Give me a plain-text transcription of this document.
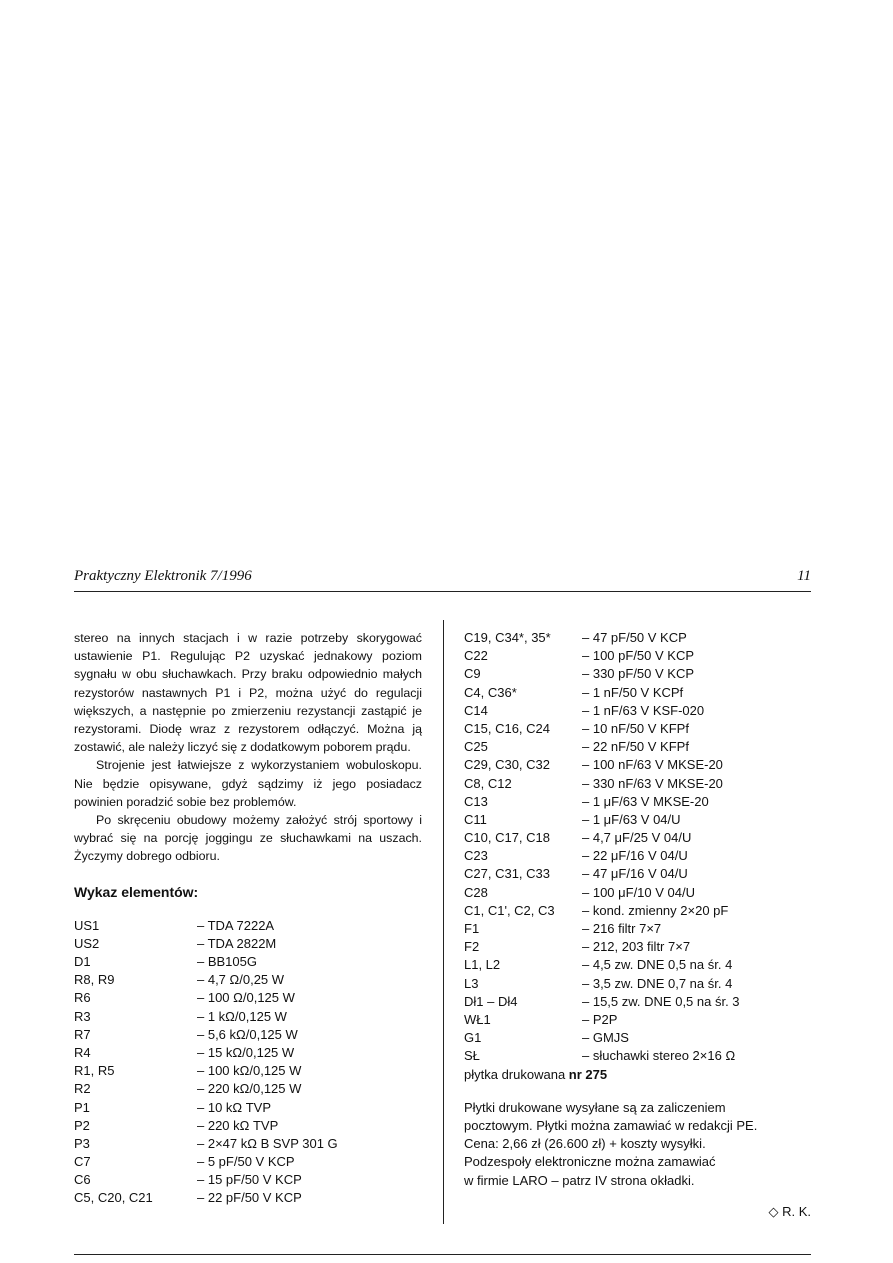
Praktyczny Elektronik 7/1996	11

stereo na innych stacjach i w razie potrzeby skorygować ustawienie P1. Regulując P2 uzyskać jednakowy poziom sygnału w obu słuchawkach. Przy braku odpowiednio małych rezystorów nastawnych P1 i P2, można użyć do regulacji większych, a następnie po zmierzeniu rezystancji zastąpić je rezystorami. Diodę wraz z rezystorem odłączyć. Można ją zostawić, ale należy liczyć się z dodatkowym poborem prądu.

Strojenie jest łatwiejsze z wykorzystaniem wobuloskopu. Nie będzie opisywane, gdyż sądzimy iż jego posiadacz powinien poradzić sobie bez problemów.

Po skręceniu obudowy możemy założyć strój sportowy i wybrać się na porcję joggingu ze słuchawkami na uszach. Życzymy dobrego odbioru.

Wykaz elementów:
US1	– TDA 7222A
US2	– TDA 2822M
D1	– BB105G
R8, R9	– 4,7 Ω/0,25 W
R6	– 100 Ω/0,125 W
R3	– 1 kΩ/0,125 W
R7	– 5,6 kΩ/0,125 W
R4	– 15 kΩ/0,125 W
R1, R5	– 100 kΩ/0,125 W
R2	– 220 kΩ/0,125 W
P1	– 10 kΩ TVP
P2	– 220 kΩ TVP
P3	– 2×47 kΩ B SVP 301 G
C7	– 5 pF/50 V KCP
C6	– 15 pF/50 V KCP
C5, C20, C21	– 22 pF/50 V KCP
C19, C34*, 35*	– 47 pF/50 V KCP
C22	– 100 pF/50 V KCP
C9	– 330 pF/50 V KCP
C4, C36*	– 1 nF/50 V KCPf
C14	– 1 nF/63 V KSF-020
C15, C16, C24	– 10 nF/50 V KFPf
C25	– 22 nF/50 V KFPf
C29, C30, C32	– 100 nF/63 V MKSE-20
C8, C12	– 330 nF/63 V MKSE-20
C13	– 1 μF/63 V MKSE-20
C11	– 1 μF/63 V 04/U
C10, C17, C18	– 4,7 μF/25 V 04/U
C23	– 22 μF/16 V 04/U
C27, C31, C33	– 47 μF/16 V 04/U
C28	– 100 μF/10 V 04/U
C1, C1', C2, C3	– kond. zmienny 2×20 pF
F1	– 216 filtr 7×7
F2	– 212, 203 filtr 7×7
L1, L2	– 4,5 zw. DNE 0,5 na śr. 4
L3	– 3,5 zw. DNE 0,7 na śr. 4
Dł1 – Dł4	– 15,5 zw. DNE 0,5 na śr. 3
WŁ1	– P2P
G1	– GMJS
SŁ	– słuchawki stereo 2×16 Ω
płytka drukowana nr 275
Płytki drukowane wysyłane są za zaliczeniem
pocztowym. Płytki można zamawiać w redakcji PE.
Cena: 2,66 zł (26.600 zł) + koszty wysyłki.
Podzespoły elektroniczne można zamawiać
w firmie LARO – patrz IV strona okładki.
◇ R. K.
